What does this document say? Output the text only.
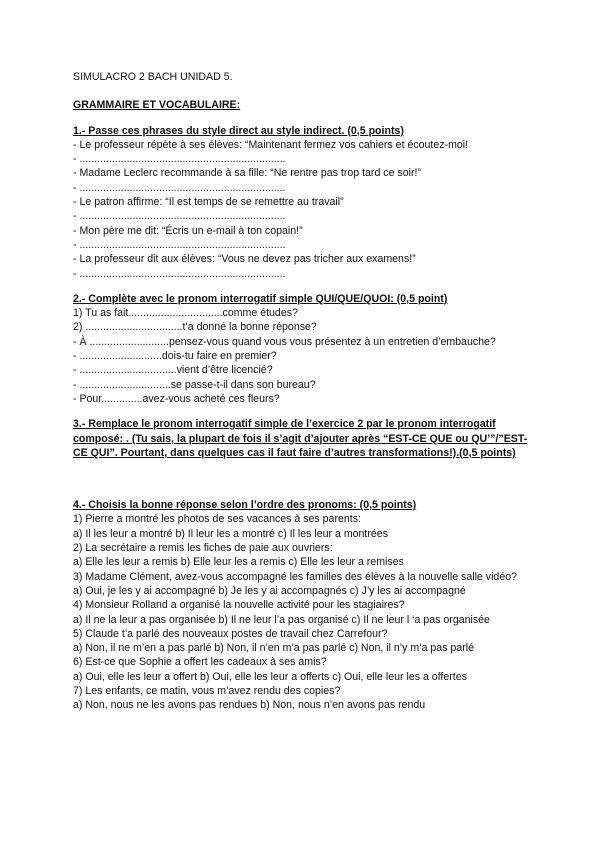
SIMULACRO 2 BACH UNIDAD 5.
GRAMMAIRE ET VOCABULAIRE:
1.- Passe ces phrases du style direct au style indirect. (0,5 points)
- Le professeur répète à ses élèves: “Maintenant fermez vos cahiers et écoutez-moi!
- ......................................................................
- Madame Leclerc recommande à sa fille: “Ne rentre pas trop tard ce soir!”
- ......................................................................
- Le patron affirme: “Il est temps de se remettre au travail”
- ......................................................................
- Mon père me dit: “Écris un e-mail à ton copain!”
- ......................................................................
- La professeur dit aux élèves: “Vous ne devez pas tricher aux examens!”
- ......................................................................
2.- Complète avec le pronom interrogatif simple QUI/QUE/QUOI: (0,5 point)
1) Tu as fait................................comme études?
2) .................................t’a donné la bonne réponse?
- À ...........................pensez-vous quand vous vous présentez à un entretien d’embauche?
- ............................dois-tu faire en premier?
- .................................vient d’être licencié?
- ...............................se passe-t-il dans son bureau?
- Pour..............avez-vous acheté ces fleurs?
3.- Remplace le pronom interrogatif simple de l’exercice 2 par le pronom interrogatif composé: . (Tu sais, la plupart de fois il s’agit d’ajouter après “EST-CE QUE ou QU’”/”EST-CE QUI”. Pourtant, dans quelques cas il faut faire d’autres transformations!).(0,5 points)
4.- Choisis la bonne réponse selon l’ordre des pronoms: (0,5 points)
1) Pierre a montré les photos de ses vacances à ses parents:
a) Il les leur a montré b) Il leur les a montré c) Il les leur a montrées
2) La secrétaire a remis les fiches de paie aux ouvriers:
a) Elle les leur a remis b) Elle leur les a remis c) Elle les leur a remises
3) Madame Clément, avez-vous accompagné les familles des élèves à la nouvelle salle vidéo?
a) Oui, je les y ai accompagné b) Je les y ai accompagnés c) J’y les ai accompagné
4) Monsieur Rolland a organisé la nouvelle activité pour les stagiaires?
a) Il ne la leur a pas organisée b) Il ne leur l’a pas organisé c) Il ne leur l ‘a pas organisée
5) Claude t’a parlé des nouveaux postes de travail chez Carrefour?
a) Non, il ne m’en a pas parlé b) Non, il n’en m’a pas parlé c) Non, il n’y m’a pas parlé
6) Est-ce que Sophie a offert les cadeaux à ses amis?
a) Oui, elle les leur a offert b) Oui, elle les leur a offerts c) Oui, elle leur les a offertes
7) Les enfants, ce matin, vous m’avez rendu des copies?
a) Non, nous ne les avons pas rendues b) Non, nous n’en avons pas rendu
